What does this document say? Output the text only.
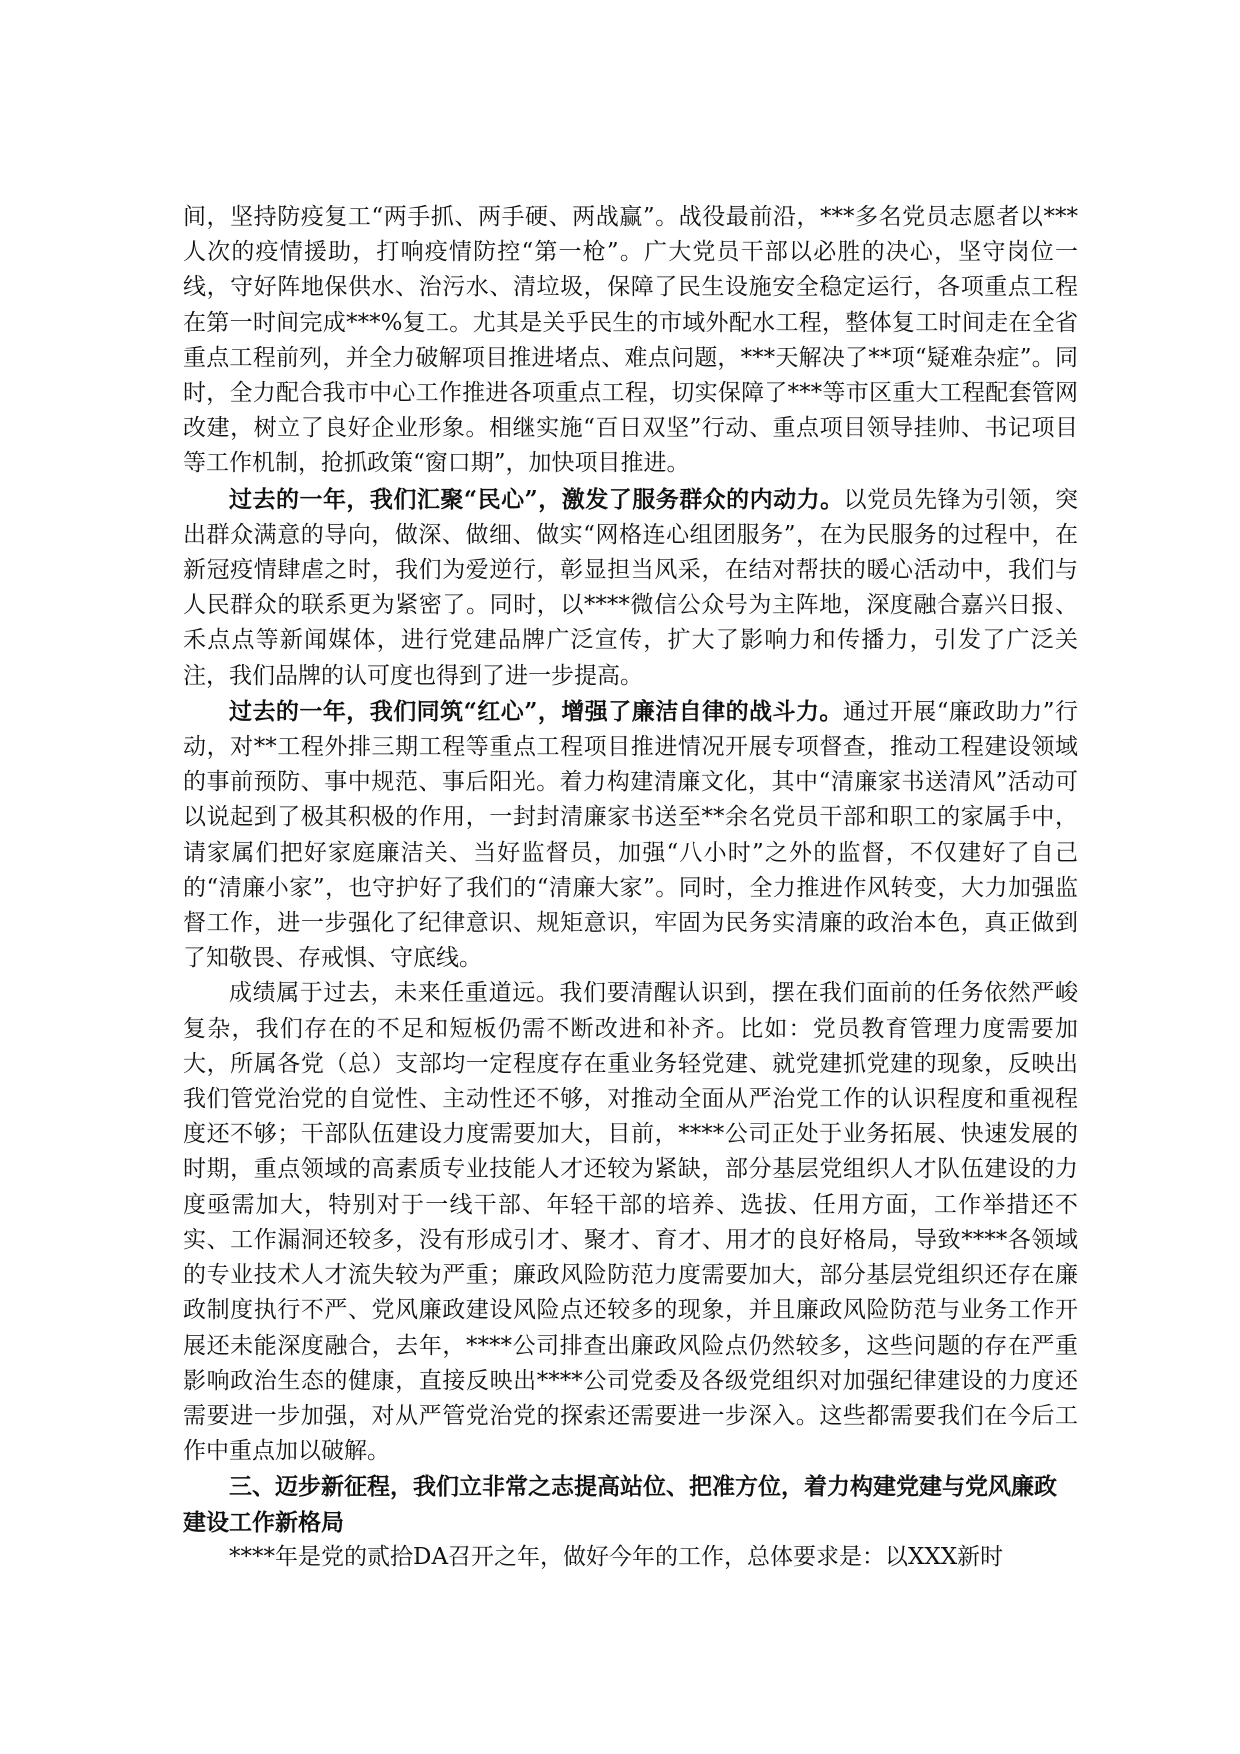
间，坚持防疫复工“两手抓、两手硬、两战赢”。战役最前沿，***多名党员志愿者以***人次的疫情援助，打响疫情防控“第一枪”。广大党员干部以必胜的决心，坚守岗位一线，守好阵地保供水、治污水、清垃圾，保障了民生设施安全稳定运行，各项重点工程在第一时间完成***%复工。尤其是关乎民生的市域外配水工程，整体复工时间走在全省重点工程前列，并全力破解项目推进堵点、难点问题，***天解决了**项“疑难杂症”。同时，全力配合我市中心工作推进各项重点工程，切实保障了***等市区重大工程配套管网改建，树立了良好企业形象。相继实施“百日双坚”行动、重点项目领导挂帅、书记项目等工作机制，抢抓政策“窗口期”，加快项目推进。

过去的一年，我们汇聚“民心”，激发了服务群众的内动力。以党员先锋为引领，突出群众满意的导向，做深、做细、做实“网格连心组团服务”，在为民服务的过程中，在新冠疫情肆虐之时，我们为爱逆行，彰显担当风采，在结对帮扶的暖心活动中，我们与人民群众的联系更为紧密了。同时，以****微信公众号为主阵地，深度融合嘉兴日报、禾点点等新闻媒体，进行党建品牌广泛宣传，扩大了影响力和传播力，引发了广泛关注，我们品牌的认可度也得到了进一步提高。

过去的一年，我们同筑“红心”，增强了廉洁自律的战斗力。通过开展“廉政助力”行动，对**工程外排三期工程等重点工程项目推进情况开展专项督查，推动工程建设领域的事前预防、事中规范、事后阳光。着力构建清廉文化，其中“清廉家书送清风”活动可以说起到了极其积极的作用，一封封清廉家书送至**余名党员干部和职工的家属手中，请家属们把好家庭廉洁关、当好监督员，加强“八小时”之外的监督，不仅建好了自己的“清廉小家”，也守护好了我们的“清廉大家”。同时，全力推进作风转变，大力加强监督工作，进一步强化了纪律意识、规矩意识，牢固为民务实清廉的政治本色，真正做到了知敬畏、存戒惧、守底线。

成绩属于过去，未来任重道远。我们要清醒认识到，摆在我们面前的任务依然严峻复杂，我们存在的不足和短板仍需不断改进和补齐。比如：党员教育管理力度需要加大，所属各党（总）支部均一定程度存在重业务轻党建、就党建抓党建的现象，反映出我们管党治党的自觉性、主动性还不够，对推动全面从严治党工作的认识程度和重视程度还不够；干部队伍建设力度需要加大，目前，****公司正处于业务拓展、快速发展的时期，重点领域的高素质专业技能人才还较为紧缺，部分基层党组织人才队伍建设的力度亟需加大，特别对于一线干部、年轻干部的培养、选拔、任用方面，工作举措还不实、工作漏洞还较多，没有形成引才、聚才、育才、用才的良好格局，导致****各领域的专业技术人才流失较为严重；廉政风险防范力度需要加大，部分基层党组织还存在廉政制度执行不严、党风廉政建设风险点还较多的现象，并且廉政风险防范与业务工作开展还未能深度融合，去年，****公司排查出廉政风险点仍然较多，这些问题的存在严重影响政治生态的健康，直接反映出****公司党委及各级党组织对加强纪律建设的力度还需要进一步加强，对从严管党治党的探索还需要进一步深入。这些都需要我们在今后工作中重点加以破解。

三、迈步新征程，我们立非常之志提高站位、把准方位，着力构建党建与党风廉政建设工作新格局

****年是党的贰拾DA召开之年，做好今年的工作，总体要求是：以XXX新时
